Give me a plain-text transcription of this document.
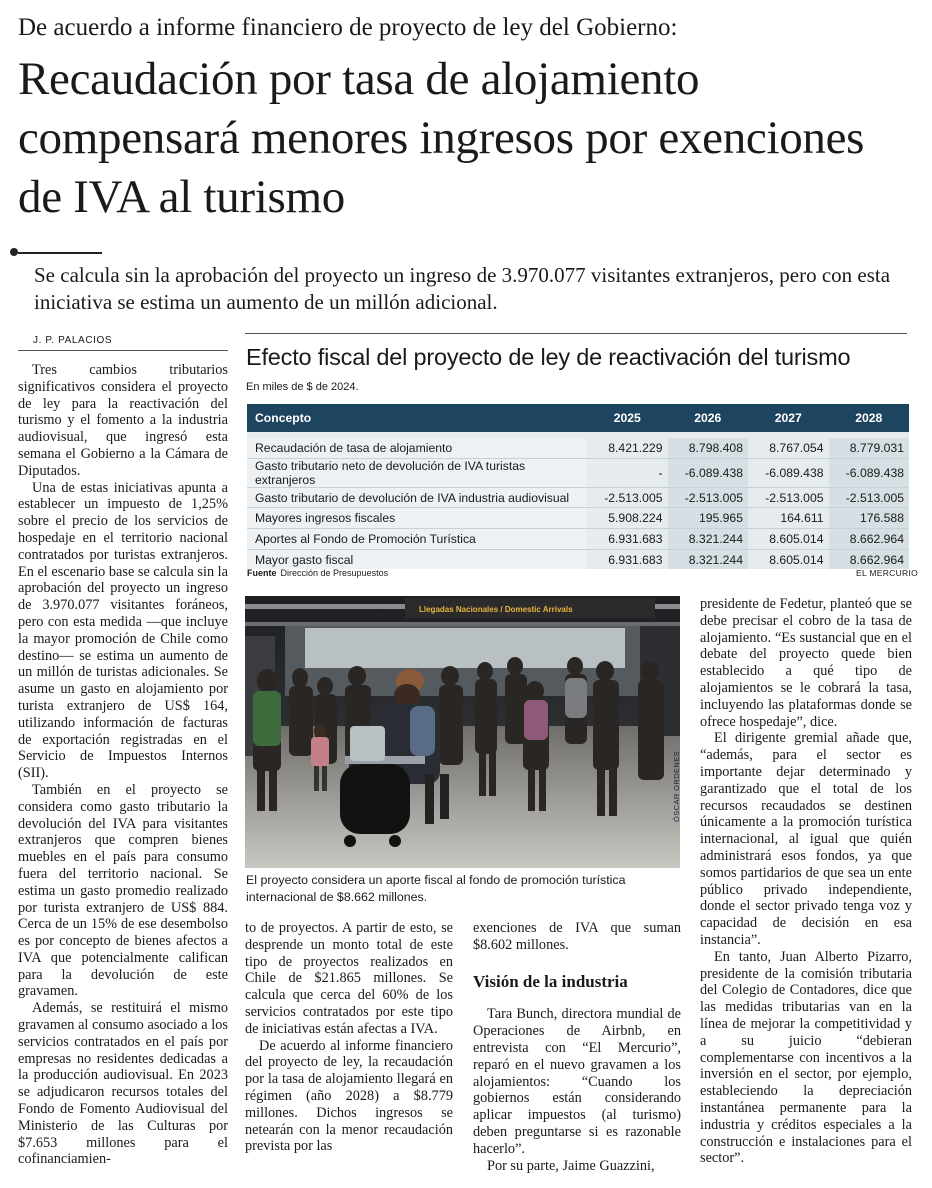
De acuerdo a informe financiero de proyecto de ley del Gobierno:
Recaudación por tasa de alojamiento compensará menores ingresos por exenciones de IVA al turismo
Se calcula sin la aprobación del proyecto un ingreso de 3.970.077 visitantes extranjeros, pero con esta iniciativa se estima un aumento de un millón adicional.
J. P. PALACIOS

Tres cambios tributarios significativos considera el proyecto de ley para la reactivación del turismo y el fomento a la industria audiovisual, que ingresó esta semana el Gobierno a la Cámara de Diputados.

Una de estas iniciativas apunta a establecer un impuesto de 1,25% sobre el precio de los servicios de hospedaje en el territorio nacional contratados por turistas extranjeros. En el escenario base se calcula sin la aprobación del proyecto un ingreso de 3.970.077 visitantes foráneos, pero con esta medida —que incluye la mayor promoción de Chile como destino— se estima un aumento de un millón de turistas adicionales. Se asume un gasto en alojamiento por turista extranjero de US$ 164, utilizando información de facturas de exportación registradas en el Servicio de Impuestos Internos (SII).

También en el proyecto se considera como gasto tributario la devolución del IVA para visitantes extranjeros que compren bienes muebles en el país para consumo fuera del territorio nacional. Se estima un gasto promedio realizado por turista extranjero de US$ 884. Cerca de un 15% de ese desembolso es por concepto de bienes afectos a IVA que potencialmente califican para la devolución de este gravamen.

Además, se restituirá el mismo gravamen al consumo asociado a los servicios contratados en el país por empresas no residentes dedicadas a la producción audiovisual. En 2023 se adjudicaron recursos totales del Fondo de Fomento Audiovisual del Ministerio de las Culturas por $7.653 millones para el cofinanciamien-

Efecto fiscal del proyecto de ley de reactivación del turismo
En miles de $ de 2024.
Concepto	2025	2026	2027	2028

Recaudación de tasa de alojamiento	8.421.229	8.798.408	8.767.054	8.779.031
Gasto tributario neto de devolución de IVA turistas extranjeros	-	-6.089.438	-6.089.438	-6.089.438
Gasto tributario de devolución de IVA industria audiovisual	-2.513.005	-2.513.005	-2.513.005	-2.513.005
Mayores ingresos fiscales	5.908.224	195.965	164.611	176.588
Aportes al Fondo de Promoción Turística	6.931.683	8.321.244	8.605.014	8.662.964
Mayor gasto fiscal	6.931.683	8.321.244	8.605.014	8.662.964
Fuente Dirección de Presupuestos	EL MERCURIO
Llegadas Nacionales / Domestic Arrivals
ÓSCAR ORDENES
El proyecto considera un aporte fiscal al fondo de promoción turística internacional de $8.662 millones.

to de proyectos. A partir de esto, se desprende un monto total de este tipo de proyectos realizados en Chile de $21.865 millones. Se calcula que cerca del 60% de los servicios contratados por este tipo de iniciativas están afectas a IVA.

De acuerdo al informe financiero del proyecto de ley, la recaudación por la tasa de alojamiento llegará en régimen (año 2028) a $8.779 millones. Dichos ingresos se netearán con la menor recaudación prevista por las

exenciones de IVA que suman $8.602 millones.

Visión de la industria

Tara Bunch, directora mundial de Operaciones de Airbnb, en entrevista con “El Mercurio”, reparó en el nuevo gravamen a los alojamientos: “Cuando los gobiernos están considerando aplicar impuestos (al turismo) deben preguntarse si es razonable hacerlo”.

Por su parte, Jaime Guazzini,

presidente de Fedetur, planteó que se debe precisar el cobro de la tasa de alojamiento. “Es sustancial que en el debate del proyecto quede bien establecido a qué tipo de alojamientos se le cobrará la tasa, incluyendo las plataformas donde se ofrece hospedaje”, dice.

El dirigente gremial añade que, “además, para el sector es importante dejar determinado y garantizado que el total de los recursos recaudados se destinen únicamente a la promoción turística internacional, al igual que quién administrará esos fondos, ya que somos partidarios de que sea un ente público privado independiente, donde el sector privado tenga voz y capacidad de decisión en esa instancia”.

En tanto, Juan Alberto Pizarro, presidente de la comisión tributaria del Colegio de Contadores, dice que las medidas tributarias van en la línea de mejorar la competitividad y a su juicio “debieran complementarse con incentivos a la inversión en el sector, por ejemplo, estableciendo la depreciación instantánea permanente para la industria y créditos especiales a la construcción e instalaciones para el sector”.
